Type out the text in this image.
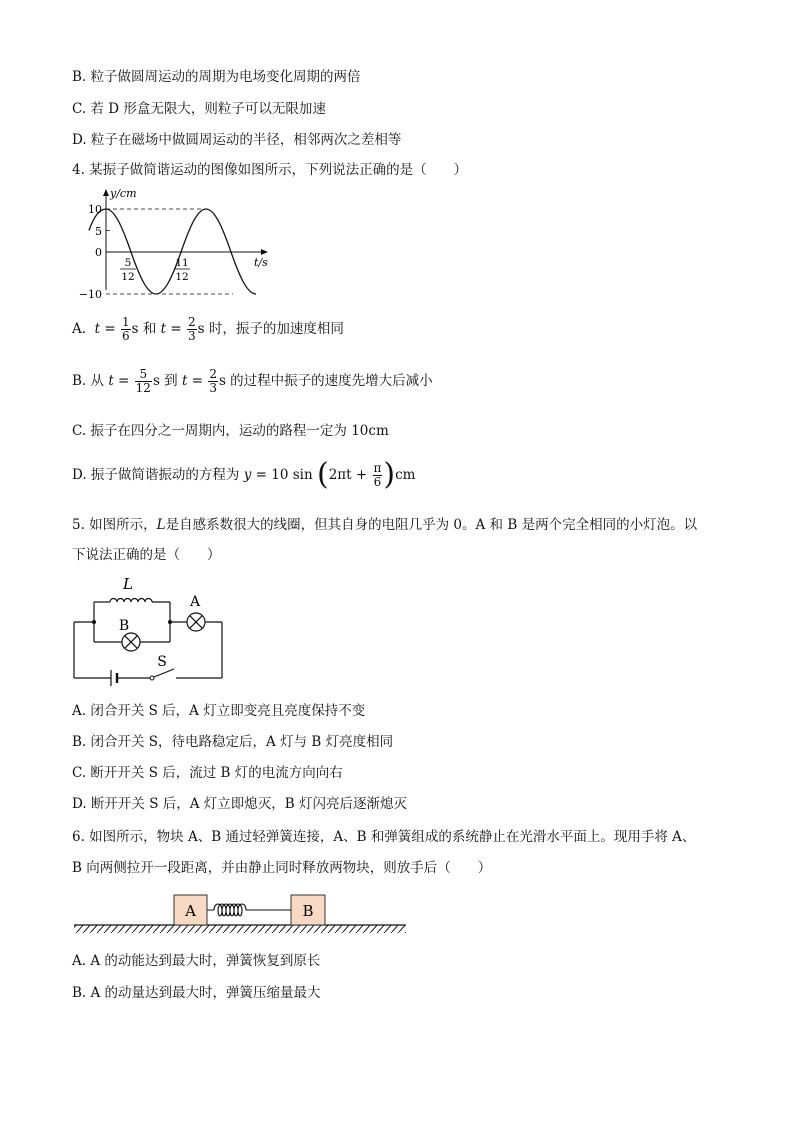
B. 粒子做圆周运动的周期为电场变化周期的两倍
C. 若 D 形盒无限大，则粒子可以无限加速
D. 粒子在磁场中做圆周运动的半径，相邻两次之差相等
4. 某振子做简谐运动的图像如图所示，下列说法正确的是（　　）
10
5
0
−10
y/cm
t/s
5
12
11
12
A. $t = \frac{1}{6}$ s 和 $t = \frac{2}{3}$ s 时，振子的加速度相同
B. 从 $t = \frac{5}{12}$ s 到 $t = \frac{2}{3}$ s 的过程中振子的速度先增大后减小
C. 振子在四分之一周期内，运动的路程一定为 10cm
D. 振子做简谐振动的方程为 y = 10 $\sin (2\pi t + \frac{\pi}{6} )cm$
5. 如图所示，L是自感系数很大的线圈，但其自身的电阻几乎为 0。A 和 B 是两个完全相同的小灯泡。以
下说法正确的是（　　）
L
A
B
S
A. 闭合开关 S 后，A 灯立即变亮且亮度保持不变
B. 闭合开关 S，待电路稳定后，A 灯与 B 灯亮度相同
C. 断开开关 S 后，流过 B 灯的电流方向向右
D. 断开开关 S 后，A 灯立即熄灭，B 灯闪亮后逐渐熄灭
6. 如图所示，物块 A、B 通过轻弹簧连接，A、B 和弹簧组成的系统静止在光滑水平面上。现用手将 A、
B 向两侧拉开一段距离，并由静止同时释放两物块，则放手后（　　）
A	B
A. A 的动能达到最大时，弹簧恢复到原长
B. A 的动量达到最大时，弹簧压缩量最大
